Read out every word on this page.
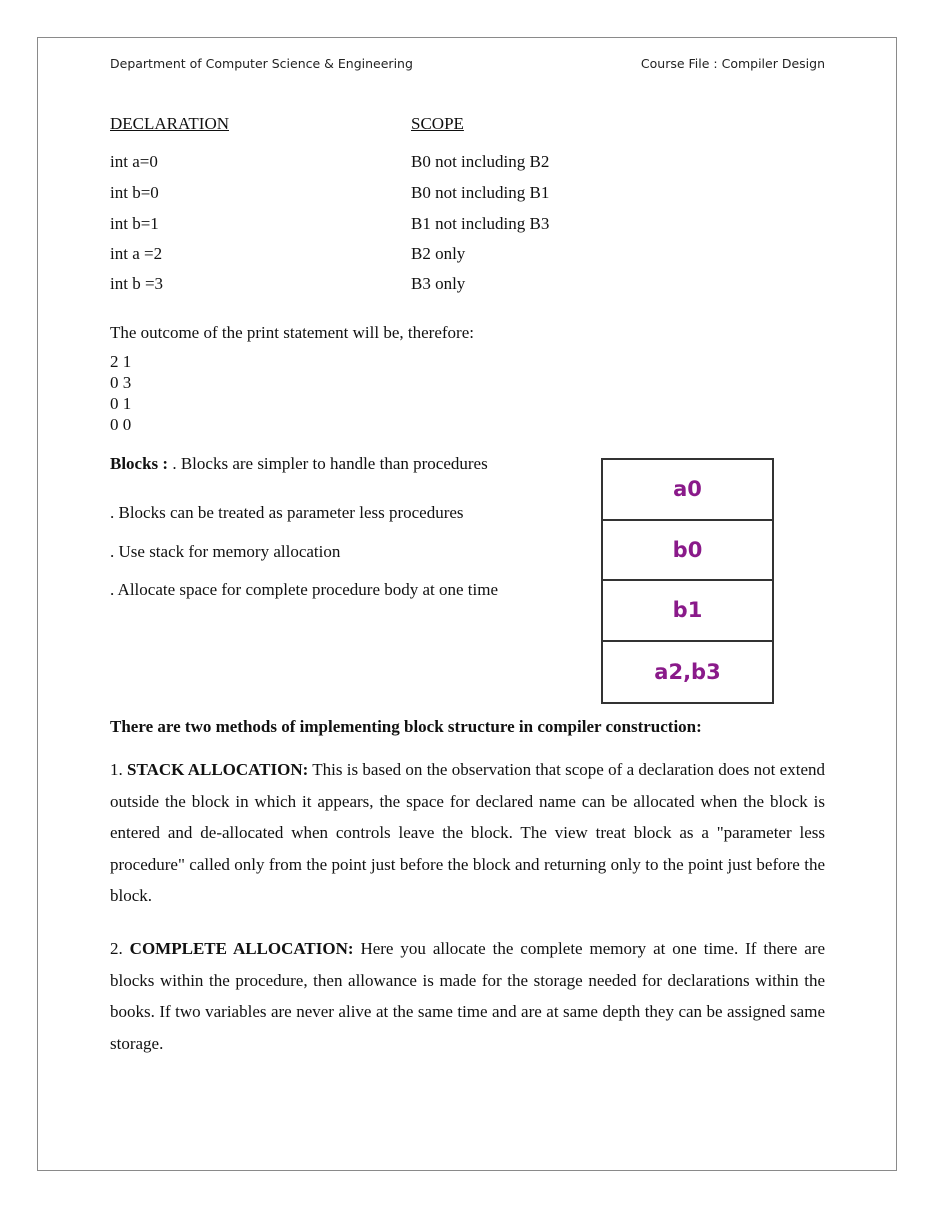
Department of Computer Science & Engineering	Course File : Compiler Design
DECLARATION	SCOPE
int a=0	B0 not including B2
int b=0	B0 not including B1
int b=1	B1 not including B3
int a =2	B2 only
int b =3	B3 only
The outcome of the print statement will be, therefore:
2 1
0 3
0 1
0 0
Blocks : . Blocks are simpler to handle than procedures
. Blocks can be treated as parameter less procedures
. Use stack for memory allocation
. Allocate space for complete procedure body at one time
a0
b0
b1
a2,b3
There are two methods of implementing block structure in compiler construction:
1. STACK ALLOCATION: This is based on the observation that scope of a declaration does not extend outside the block in which it appears, the space for declared name can be allocated when the block is entered and de-allocated when controls leave the block. The view treat block as a "parameter less procedure" called only from the point just before the block and returning only to the point just before the block.
2. COMPLETE ALLOCATION: Here you allocate the complete memory at one time. If there are blocks within the procedure, then allowance is made for the storage needed for declarations within the books. If two variables are never alive at the same time and are at same depth they can be assigned same storage.
